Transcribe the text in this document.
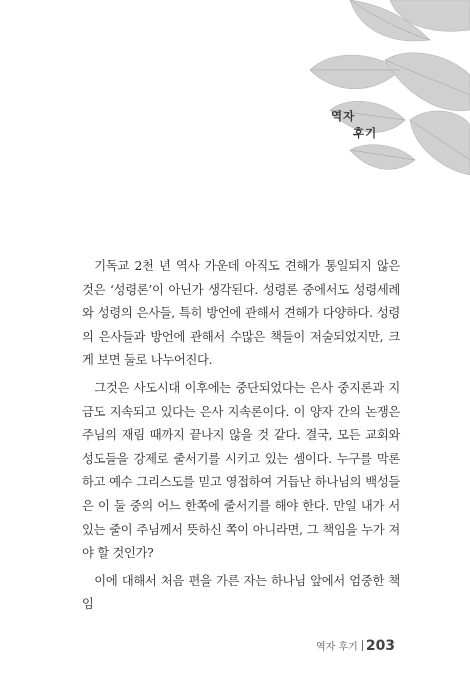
역자
후기

기독교 2천 년 역사 가운데 아직도 견해가 통일되지 않은 것은 ‘성령론’이 아닌가 생각된다. 성령론 중에서도 성령세례와 성령의 은사들, 특히 방언에 관해서 견해가 다양하다. 성령의 은사들과 방언에 관해서 수많은 책들이 저술되었지만, 크게 보면 둘로 나누어진다.

그것은 사도시대 이후에는 중단되었다는 은사 중지론과 지금도 지속되고 있다는 은사 지속론이다. 이 양자 간의 논쟁은 주님의 재림 때까지 끝나지 않을 것 같다. 결국, 모든 교회와 성도들을 강제로 줄서기를 시키고 있는 셈이다. 누구를 막론하고 예수 그리스도를 믿고 영접하여 거듭난 하나님의 백성들은 이 둘 중의 어느 한쪽에 줄서기를 해야 한다. 만일 내가 서 있는 줄이 주님께서 뜻하신 쪽이 아니라면, 그 책임을 누가 져야 할 것인가?

이에 대해서 처음 편을 가른 자는 하나님 앞에서 엄중한 책임

역자 후기 203
